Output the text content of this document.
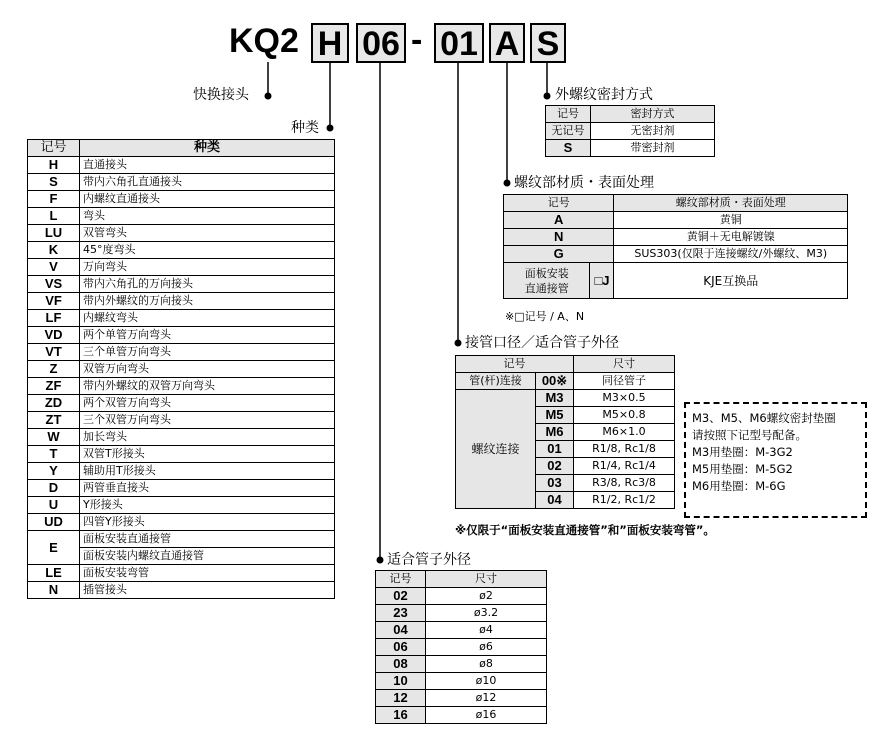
KQ2 H 06 - 01 A S
快换接头
种类
外螺纹密封方式
螺纹部材质・表面处理
接管口径／适合管子外径
适合管子外径
记号	种类
H	直通接头
S	带内六角孔直通接头
F	内螺纹直通接头
L	弯头
LU	双管弯头
K	45°度弯头
V	万向弯头
VS	带内六角孔的万向接头
VF	带内外螺纹的万向接头
LF	内螺纹弯头
VD	两个单管万向弯头
VT	三个单管万向弯头
Z	双管万向弯头
ZF	带内外螺纹的双管万向弯头
ZD	两个双管万向弯头
ZT	三个双管万向弯头
W	加长弯头
T	双管T形接头
Y	辅助用T形接头
D	两管垂直接头
U	Y形接头
UD	四管Y形接头
E	面板安装直通接管
	面板安装内螺纹直通接管
LE	面板安装弯管
N	插管接头
记号	密封方式
无记号	无密封剂
S	带密封剂
记号		螺纹部材质・表面处理
A		黄铜
N		黄铜＋无电解镀镍
G		SUS303(仅限于连接螺纹/外螺纹、M3)
面板安装
直通接管	□J	KJE互换品
※□记号 / A、N
记号		尺寸
管(杆)连接	00※	同径管子
螺纹连接	M3	M3×0.5
	M5	M5×0.8
	M6	M6×1.0
	01	R1/8, Rc1/8
	02	R1/4, Rc1/4
	03	R3/8, Rc3/8
	04	R1/2, Rc1/2
※仅限于“面板安装直通接管”和”面板安装弯管”。
M3、M5、M6螺纹密封垫圈
请按照下记型号配备。
M3用垫圈：M-3G2
M5用垫圈：M-5G2
M6用垫圈：M-6G
记号	尺寸
02	ø2
23	ø3.2
04	ø4
06	ø6
08	ø8
10	ø10
12	ø12
16	ø16
